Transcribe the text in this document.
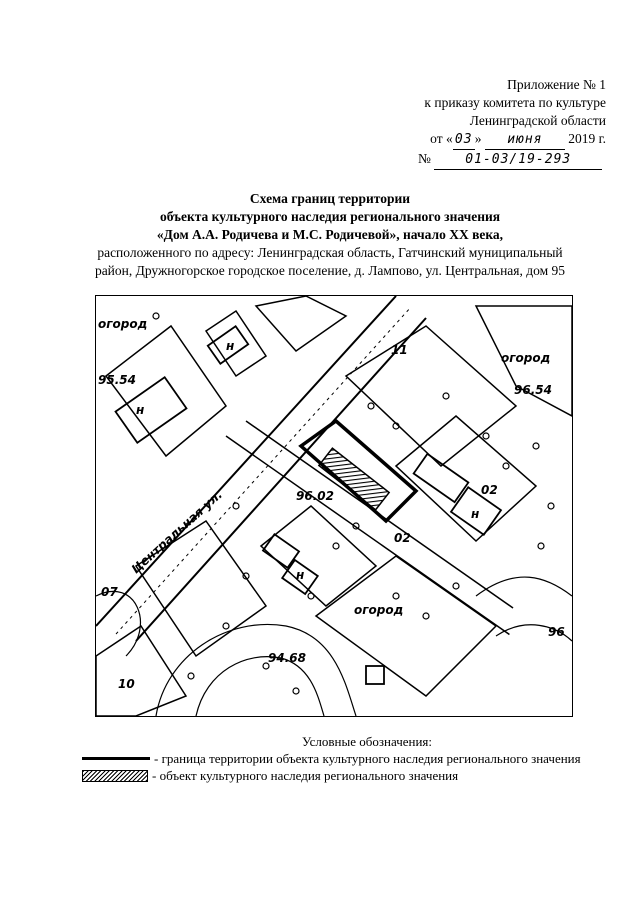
Приложение № 1
к приказу комитета по культуре
Ленинградской области
от « 03 » июня 2019 г.
№	01-03/19-293
Схема границ территории
объекта культурного наследия регионального значения
«Дом А.А. Родичева и М.С. Родичевой», начало XX века,
расположенного по адресу: Ленинградская область, Гатчинский муниципальный
район, Дружногорское городское поселение, д. Лампово, ул. Центральная, дом 95
огород
огород
огород
95.54
96.54
96.02
94.68
96
Центральная ул.	02
02
07
10
н
н
н
н
11
Условные обозначения:
- граница территории объекта культурного наследия регионального значения
- объект культурного наследия регионального значения
